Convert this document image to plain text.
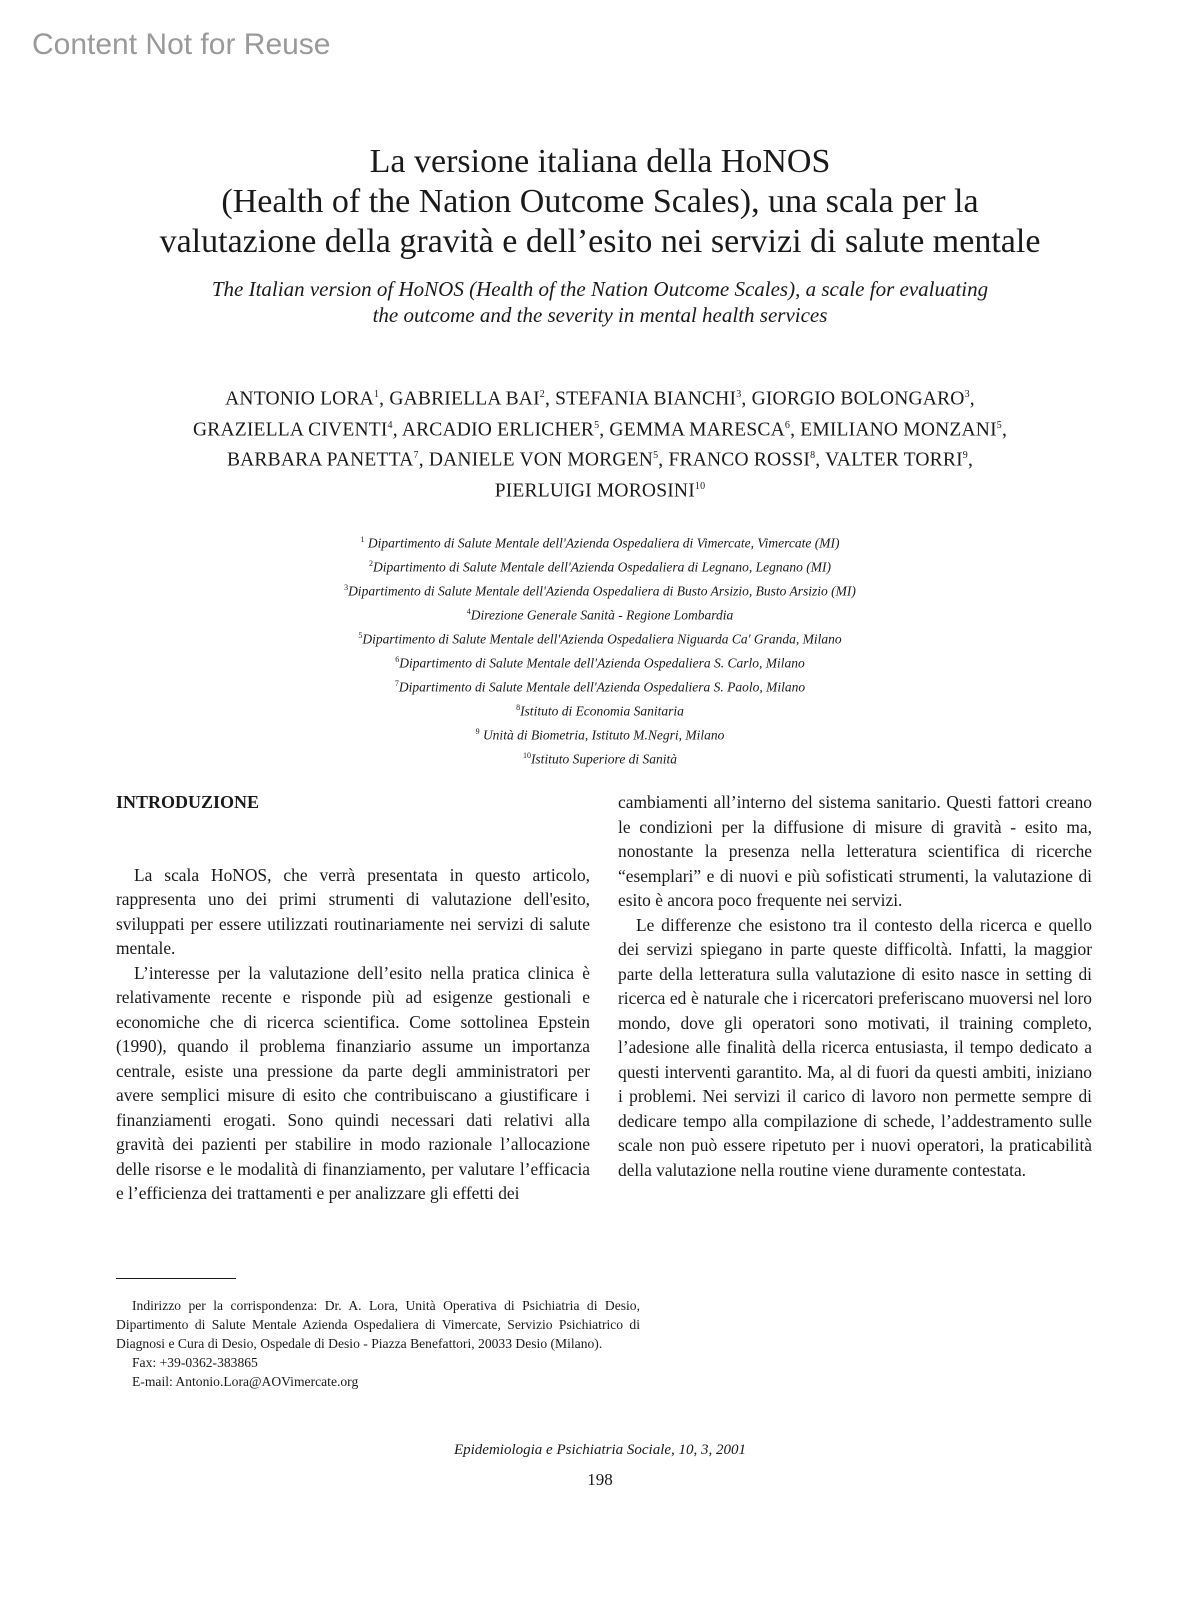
Content Not for Reuse
La versione italiana della HoNOS
(Health of the Nation Outcome Scales), una scala per la
valutazione della gravità e dell’esito nei servizi di salute mentale
The Italian version of HoNOS (Health of the Nation Outcome Scales), a scale for evaluating
the outcome and the severity in mental health services
ANTONIO LORA$^1$, GABRIELLA BAI$^2$, STEFANIA BIANCHI$^3$, GIORGIO BOLONGARO$^3$,
GRAZIELLA CIVENTI$^4$, ARCADIO ERLICHER$^5$, GEMMA MARESCA$^6$, EMILIANO MONZANI$^5$,
BARBARA PANETTA$^7$, DANIELE VON MORGEN$^5$, FRANCO ROSSI$^8$, VALTER TORRI$^9$,
PIERLUIGI MOROSINI$^{10}$
$^1$ Dipartimento di Salute Mentale dell'Azienda Ospedaliera di Vimercate, Vimercate (MI)
$^2$Dipartimento di Salute Mentale dell'Azienda Ospedaliera di Legnano, Legnano (MI)
$^3$Dipartimento di Salute Mentale dell'Azienda Ospedaliera di Busto Arsizio, Busto Arsizio (MI)
$^4$Direzione Generale Sanità - Regione Lombardia
$^5$Dipartimento di Salute Mentale dell'Azienda Ospedaliera Niguarda Ca' Granda, Milano
$^6$Dipartimento di Salute Mentale dell'Azienda Ospedaliera S. Carlo, Milano
$^7$Dipartimento di Salute Mentale dell'Azienda Ospedaliera S. Paolo, Milano
$^8$Istituto di Economia Sanitaria
$^9$ Unità di Biometria, Istituto M.Negri, Milano
$^{10}$Istituto Superiore di Sanità
INTRODUZIONE

La scala HoNOS, che verrà presentata in questo articolo, rappresenta uno dei primi strumenti di valutazione dell'esito, sviluppati per essere utilizzati routinariamente nei servizi di salute mentale.

L’interesse per la valutazione dell’esito nella pratica clinica è relativamente recente e risponde più ad esigenze gestionali e economiche che di ricerca scientifica. Come sottolinea Epstein (1990), quando il problema finanziario assume un importanza centrale, esiste una pressione da parte degli amministratori per avere semplici misure di esito che contribuiscano a giustificare i finanziamenti erogati. Sono quindi necessari dati relativi alla gravità dei pazienti per stabilire in modo razionale l’allocazione delle risorse e le modalità di finanziamento, per valutare l’efficacia e l’efficienza dei trattamenti e per analizzare gli effetti dei

cambiamenti all’interno del sistema sanitario. Questi fattori creano le condizioni per la diffusione di misure di gravità - esito ma, nonostante la presenza nella letteratura scientifica di ricerche “esemplari” e di nuovi e più sofisticati strumenti, la valutazione di esito è ancora poco frequente nei servizi.

Le differenze che esistono tra il contesto della ricerca e quello dei servizi spiegano in parte queste difficoltà. Infatti, la maggior parte della letteratura sulla valutazione di esito nasce in setting di ricerca ed è naturale che i ricercatori preferiscano muoversi nel loro mondo, dove gli operatori sono motivati, il training completo, l’adesione alle finalità della ricerca entusiasta, il tempo dedicato a questi interventi garantito. Ma, al di fuori da questi ambiti, iniziano i problemi. Nei servizi il carico di lavoro non permette sempre di dedicare tempo alla compilazione di schede, l’addestramento sulle scale non può essere ripetuto per i nuovi operatori, la praticabilità della valutazione nella routine viene duramente contestata.

Indirizzo per la corrispondenza: Dr. A. Lora, Unità Operativa di Psichiatria di Desio, Dipartimento di Salute Mentale Azienda Ospedaliera di Vimercate, Servizio Psichiatrico di Diagnosi e Cura di Desio, Ospedale di Desio - Piazza Benefattori, 20033 Desio (Milano).

Fax: +39-0362-383865
E-mail: Antonio.Lora@AOVimercate.org
Epidemiologia e Psichiatria Sociale, 10, 3, 2001
198
